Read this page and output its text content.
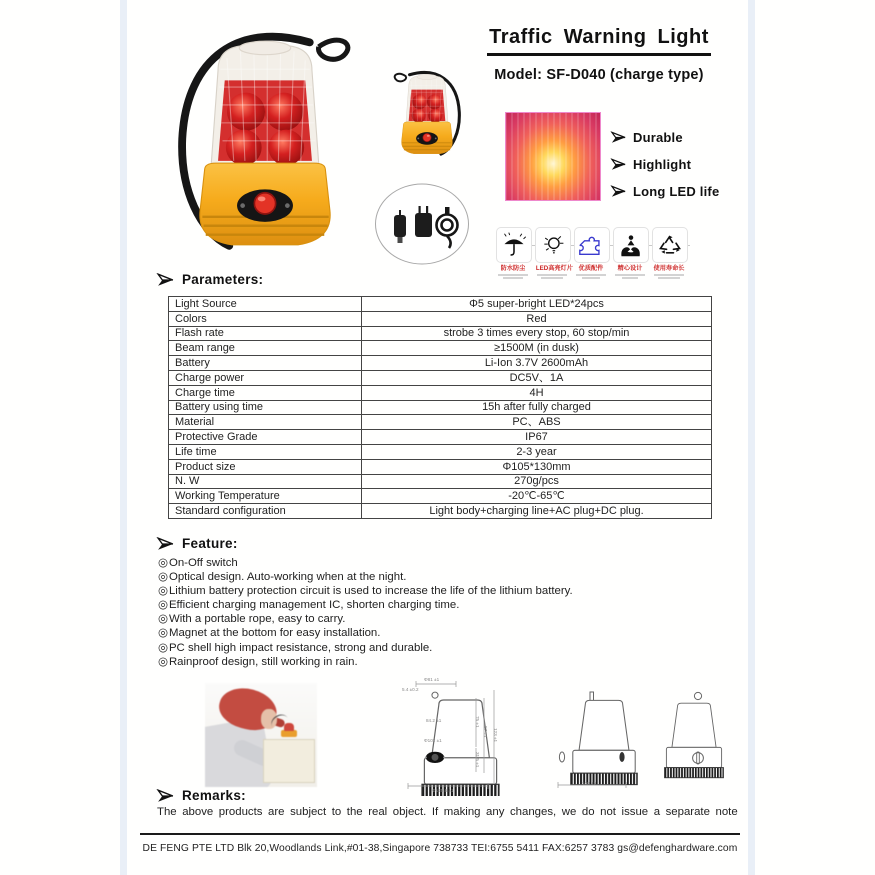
Traffic Warning Light
Model: SF-D040 (charge type)
Durable
Highlight
Long LED life
防水防尘	LED高亮灯片 优质配件	精心设计	使用寿命长
Parameters:
Light Source	Φ5 super-bright LED*24pcs
Colors	Red
Flash rate	strobe 3 times every stop, 60 stop/min
Beam range	≥1500M (in dusk)
Battery	Li-Ion 3.7V 2600mAh
Charge power	DC5V、1A
Charge time	4H
Battery using time	15h after fully charged
Material	PC、ABS
Protective Grade	IP67
Life time	2-3 year
Product size	Φ105*130mm
N. W	270g/pcs
Working Temperature	-20℃-65℃
Standard configuration	Light body+charging line+AC plug+DC plug.
Feature:
◎On-Off switch
◎Optical design. Auto-working when at the night.
◎Lithium battery protection circuit is used to increase the life of the lithium battery.
◎Efficient charging management IC, shorten charging time.
◎With a portable rope, easy to carry.
◎Magnet at the bottom for easy installation.
◎PC shell high impact resistance, strong and durable.
◎Rainproof design, still working in rain.
Φ81 ±1
5.4 ±0.2
84.2 ±1
Φ102 ±1
75 ±1
87 ±1 123 ±1
31.5 ±1
Φ125.6 ±1
108 ±2
Remarks:
The above products are subject to the real object. If making any changes, we do not issue a separate note
DE FENG PTE LTD Blk 20,Woodlands Link,#01-38,Singapore 738733 TEI:6755 5411 FAX:6257 3783 gs@defenghardware.com
